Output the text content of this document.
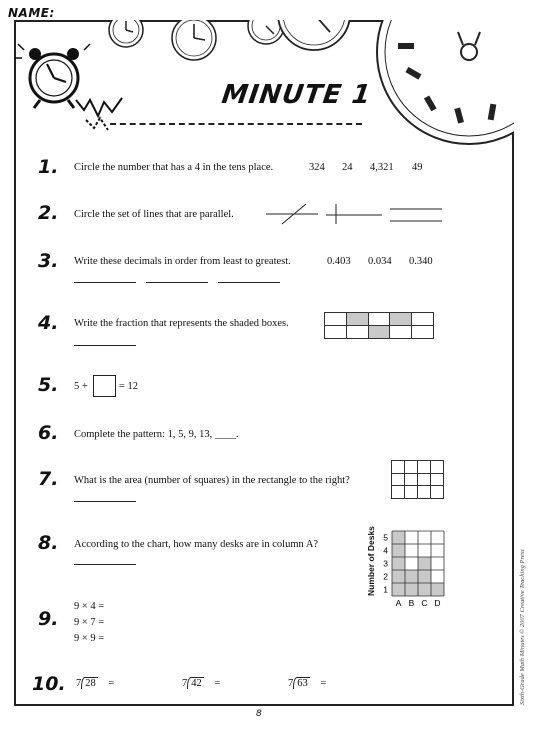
NAME:
MINUTE 1
1. Circle the number that has a 4 in the tens place.	324 24 4,321 49
2. Circle the set of lines that are parallel.
3. Write these decimals in order from least to greatest.	0.403 0.034 0.340
4. Write the fraction that represents the shaded boxes.
5. 5 +	= 12
6. Complete the pattern: 1, 5, 9, 13, ____.
7. What is the area (number of squares) in the rectangle to the right?
8. According to the chart, how many desks are in column A?	Number of Desks 1
2
3
4
5
A B C D
9.
9 × 4 =
9 × 7 =
9 × 9 =
10. 7 28 =	7 42 =	7 63 =
8
Sixth-Grade Math Minutes © 2007 Creative Teaching Press
